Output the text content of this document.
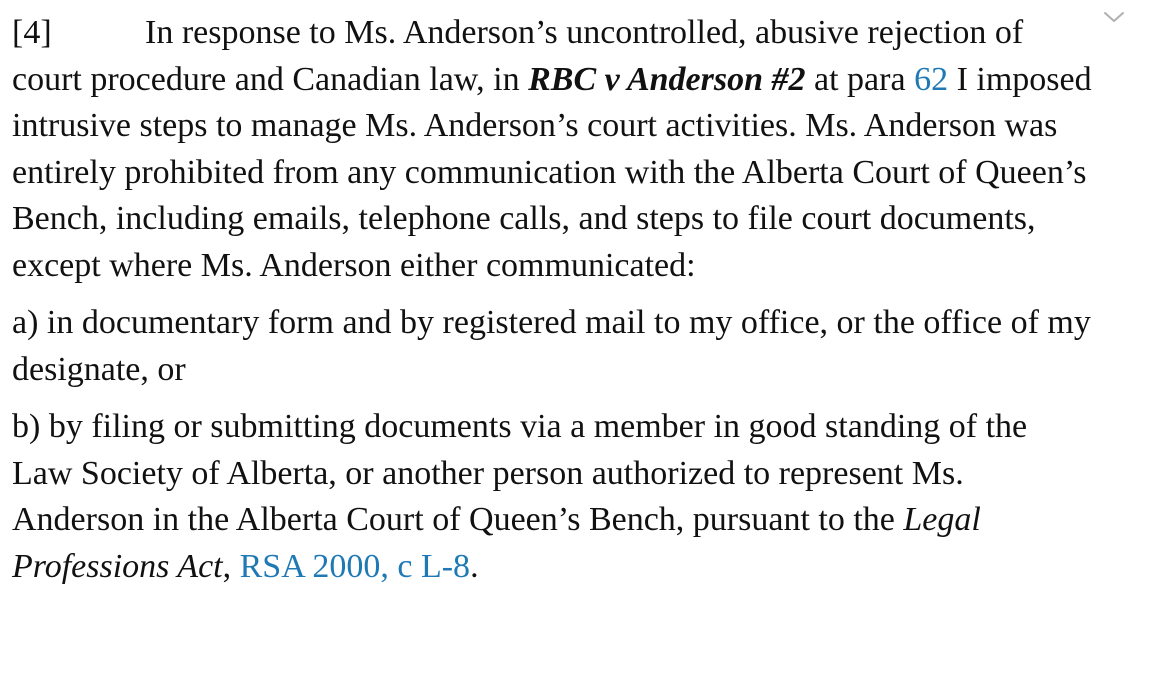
[4]	In response to Ms. Anderson’s uncontrolled, abusive rejection of court procedure and Canadian law, in RBC v Anderson #2 at para 62 I imposed intrusive steps to manage Ms. Anderson’s court activities. Ms. Anderson was entirely prohibited from any communication with the Alberta Court of Queen’s Bench, including emails, telephone calls, and steps to file court documents, except where Ms. Anderson either communicated:

a) in documentary form and by registered mail to my office, or the office of my designate, or

b) by filing or submitting documents via a member in good standing of the Law Society of Alberta, or another person authorized to represent Ms. Anderson in the Alberta Court of Queen’s Bench, pursuant to the Legal Professions Act, RSA 2000, c L-8.
